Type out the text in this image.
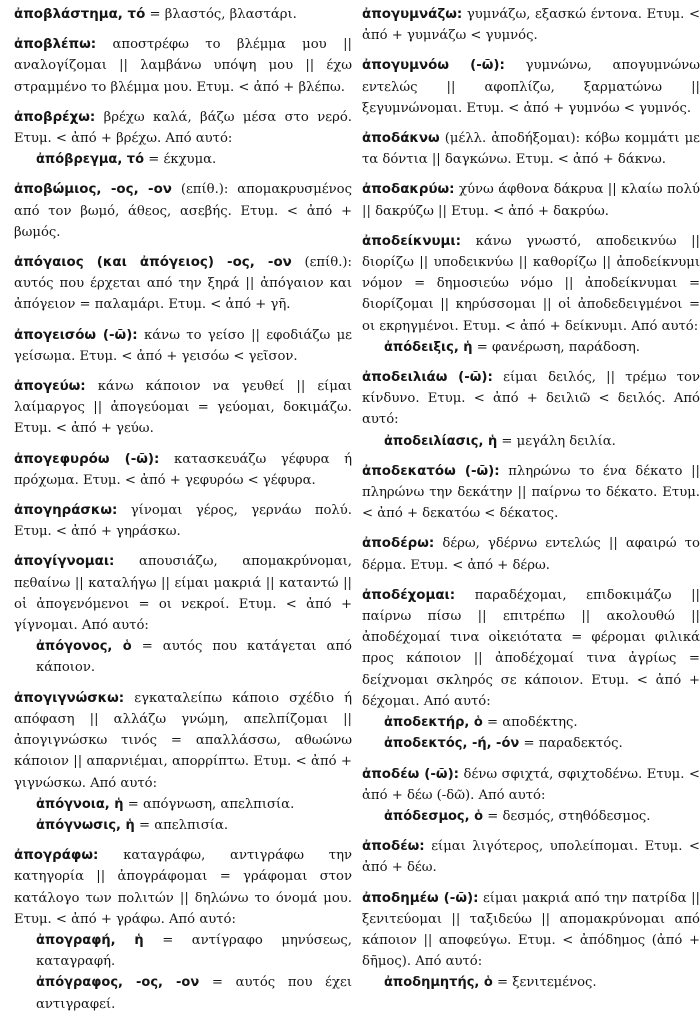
ἀποβλάστημα, τό = βλαστός, βλαστάρι.

ἀποβλέπω: αποστρέφω το βλέμμα μου || αναλογίζομαι || λαμβάνω υπόψη μου || έχω στραμμένο το βλέμμα μου. Ετυμ. < ἀπό + βλέπω.

ἀποβρέχω: βρέχω καλά, βάζω μέσα στο νερό. Ετυμ. < ἀπό + βρέχω. Από αυτό:

ἀπόβρεγμα, τό = έκχυμα.

ἀποβώμιος, -ος, -ον (επίθ.): απομακρυσμένος από τον βωμό, άθεος, ασεβής. Ετυμ. < ἀπό + βωμός.

ἀπόγαιος (και ἀπόγειος) -ος, -ον (επίθ.): αυτός που έρχεται από την ξηρά || ἀπόγαιον και ἀπόγειον = παλαμάρι. Ετυμ. < ἀπό + γῆ.

ἀπογεισόω (-ῶ): κάνω το γείσο || εφοδιάζω με γείσωμα. Ετυμ. < ἀπό + γεισόω < γεῖσον.

ἀπογεύω: κάνω κάποιον να γευθεί || είμαι λαίμαργος || ἀπογεύομαι = γεύομαι, δοκιμάζω. Ετυμ. < ἀπό + γεύω.

ἀπογεφυρόω (-ῶ): κατασκευάζω γέφυρα ή πρόχωμα. Ετυμ. < ἀπό + γεφυρόω < γέφυρα.

ἀπογηράσκω: γίνομαι γέρος, γερνάω πολύ. Ετυμ. < ἀπό + γηράσκω.

ἀπογίγνομαι: απουσιάζω, απομακρύνομαι, πεθαίνω || καταλήγω || είμαι μακριά || καταντώ || οἱ ἀπογενόμενοι = οι νεκροί. Ετυμ. < ἀπό + γίγνομαι. Από αυτό:

ἀπόγονος, ὁ = αυτός που κατάγεται από κάποιον.

ἀπογιγνώσκω: εγκαταλείπω κάποιο σχέδιο ή απόφαση || αλλάζω γνώμη, απελπίζομαι || ἀπογιγνώσκω τινός = απαλλάσσω, αθωώνω κάποιον || απαρνιέμαι, απορρίπτω. Ετυμ. < ἀπό + γιγνώσκω. Από αυτό:

ἀπόγνοια, ἡ = απόγνωση, απελπισία.

ἀπόγνωσις, ἡ = απελπισία.

ἀπογράφω: καταγράφω, αντιγράφω την κατηγορία || ἀπογράφομαι = γράφομαι στον κατάλογο των πολιτών || δηλώνω το όνομά μου. Ετυμ. < ἀπό + γράφω. Από αυτό:

ἀπογραφή, ἡ = αντίγραφο μηνύσεως, καταγραφή.

ἀπόγραφος, -ος, -ον = αυτός που έχει αντιγραφεί.

ἀπογυμνάζω: γυμνάζω, εξασκώ έντονα. Ετυμ. < ἀπό + γυμνάζω < γυμνός.

ἀπογυμνόω (-ῶ): γυμνώνω, απογυμνώνω εντελώς || αφοπλίζω, ξαρματώνω || ξεγυμνώνομαι. Ετυμ. < ἀπό + γυμνόω < γυμνός.

ἀποδάκνω (μέλλ. ἀποδήξομαι): κόβω κομμάτι με τα δόντια || δαγκώνω. Ετυμ. < ἀπό + δάκνω.

ἀποδακρύω: χύνω άφθονα δάκρυα || κλαίω πολύ || δακρύζω || Ετυμ. < ἀπό + δακρύω.

ἀποδείκνυμι: κάνω γνωστό, αποδεικνύω || διορίζω || υποδεικνύω || καθορίζω || ἀποδείκνυμι νόμον = δημοσιεύω νόμο || ἀποδείκνυμαι = διορίζομαι || κηρύσσομαι || οἱ ἀποδεδειγμένοι = οι εκρηγμένοι. Ετυμ. < ἀπό + δείκνυμι. Από αυτό:

ἀπόδειξις, ἡ = φανέρωση, παράδοση.

ἀποδειλιάω (-ῶ): είμαι δειλός, || τρέμω τον κίνδυνο. Ετυμ. < ἀπό + δειλιῶ < δειλός. Από αυτό:

ἀποδειλίασις, ἡ = μεγάλη δειλία.

ἀποδεκατόω (-ῶ): πληρώνω το ένα δέκατο || πληρώνω την δεκάτην || παίρνω το δέκατο. Ετυμ. < ἀπό + δεκατόω < δέκατος.

ἀποδέρω: δέρω, γδέρνω εντελώς || αφαιρώ το δέρμα. Ετυμ. < ἀπό + δέρω.

ἀποδέχομαι: παραδέχομαι, επιδοκιμάζω || παίρνω πίσω || επιτρέπω || ακολουθώ || ἀποδέχομαί τινα οἰκειότατα = φέρομαι φιλικά προς κάποιον || ἀποδέχομαί τινα ἀγρίως = δείχνομαι σκληρός σε κάποιον. Ετυμ. < ἀπό + δέχομαι. Από αυτό:

ἀποδεκτήρ, ὁ = αποδέκτης.

ἀποδεκτός, -ή, -όν = παραδεκτός.

ἀποδέω (-ῶ): δένω σφιχτά, σφιχτοδένω. Ετυμ. < ἀπό + δέω (-δῶ). Από αυτό:

ἀπόδεσμος, ὁ = δεσμός, στηθόδεσμος.

ἀποδέω: είμαι λιγότερος, υπολείπομαι. Ετυμ. < ἀπό + δέω.

ἀποδημέω (-ῶ): είμαι μακριά από την πατρίδα || ξενιτεύομαι || ταξιδεύω || απομακρύνομαι από κάποιον || αποφεύγω. Ετυμ. < ἀπόδημος (ἀπό + δῆμος). Από αυτό:

ἀποδημητής, ὁ = ξενιτεμένος.
